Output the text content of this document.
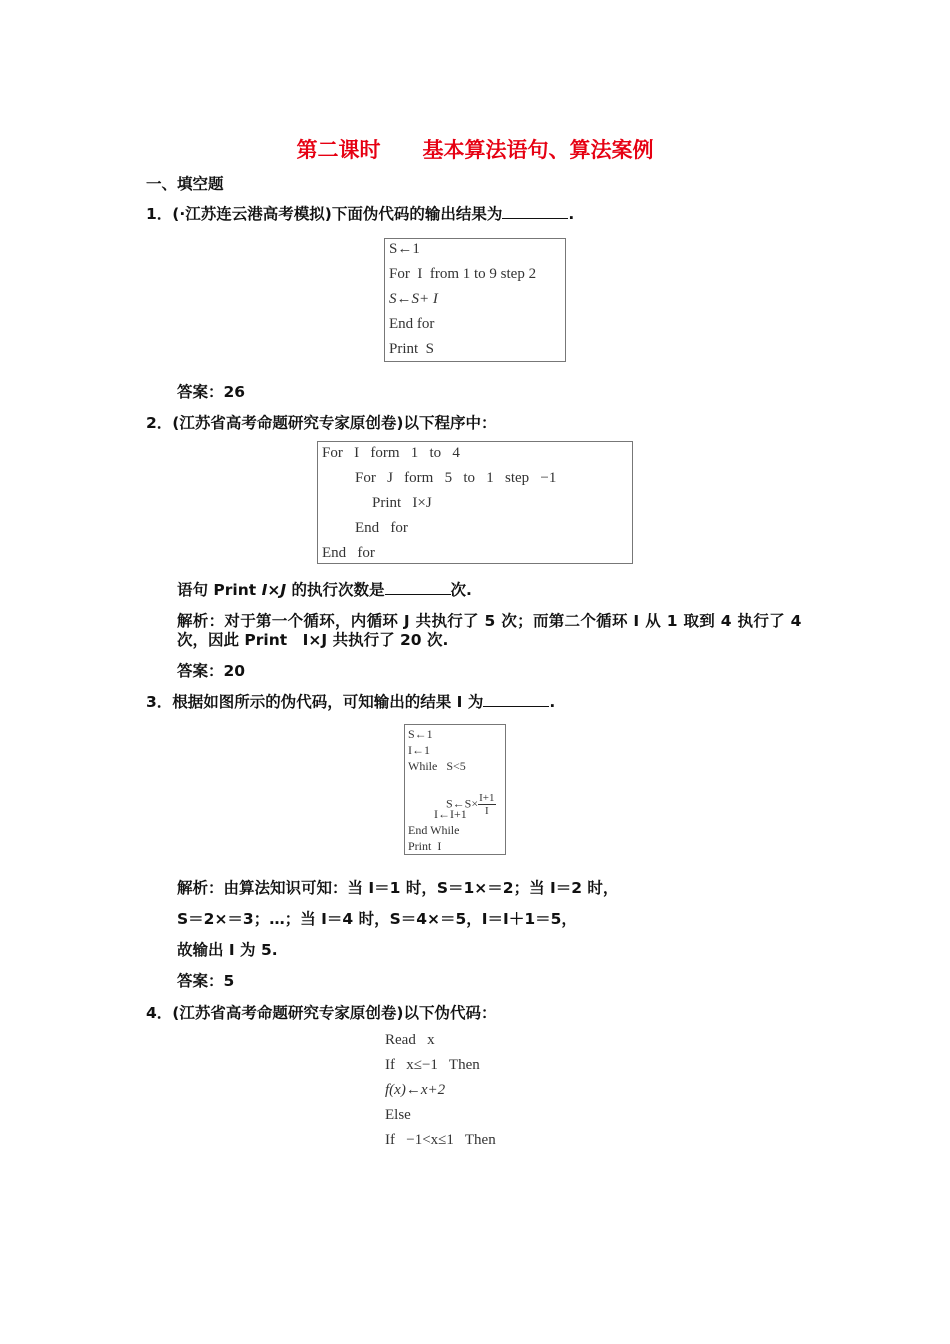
第二课时　　基本算法语句、算法案例
一、填空题
1．(·江苏连云港高考模拟)下面伪代码的输出结果为	.
S←1
For  I  from 1 to 9 step 2
S←S+ I
End for
Print  S
答案：26
2．(江苏省高考命题研究专家原创卷)以下程序中：
For   I   form   1   to   4
For   J   form   5   to   1   step   −1
Print   I×J
End   for
End   for
语句 Print I×J 的执行次数是	次.
解析：对于第一个循环，内循环 J 共执行了 5 次；而第二个循环 I 从 1 取到 4 执行了 4
次，因此 Print　I×J 共执行了 20 次.
答案：20
3．根据如图所示的伪代码，可知输出的结果 I 为	.
S←1
I←1
While   S<5

S←S× $\frac{I+1}{I}$

I←I+1
End While
Print  I
解析：由算法知识可知：当 I＝1 时，S＝1×＝2；当 I＝2 时，
S＝2×＝3；…；当 I＝4 时，S＝4×＝5，I＝I＋1＝5，
故输出 I 为 5.
答案：5
4．(江苏省高考命题研究专家原创卷)以下伪代码：
Read   x
If   x≤−1   Then
f(x)←x+2
Else
If   −1<x≤1   Then
